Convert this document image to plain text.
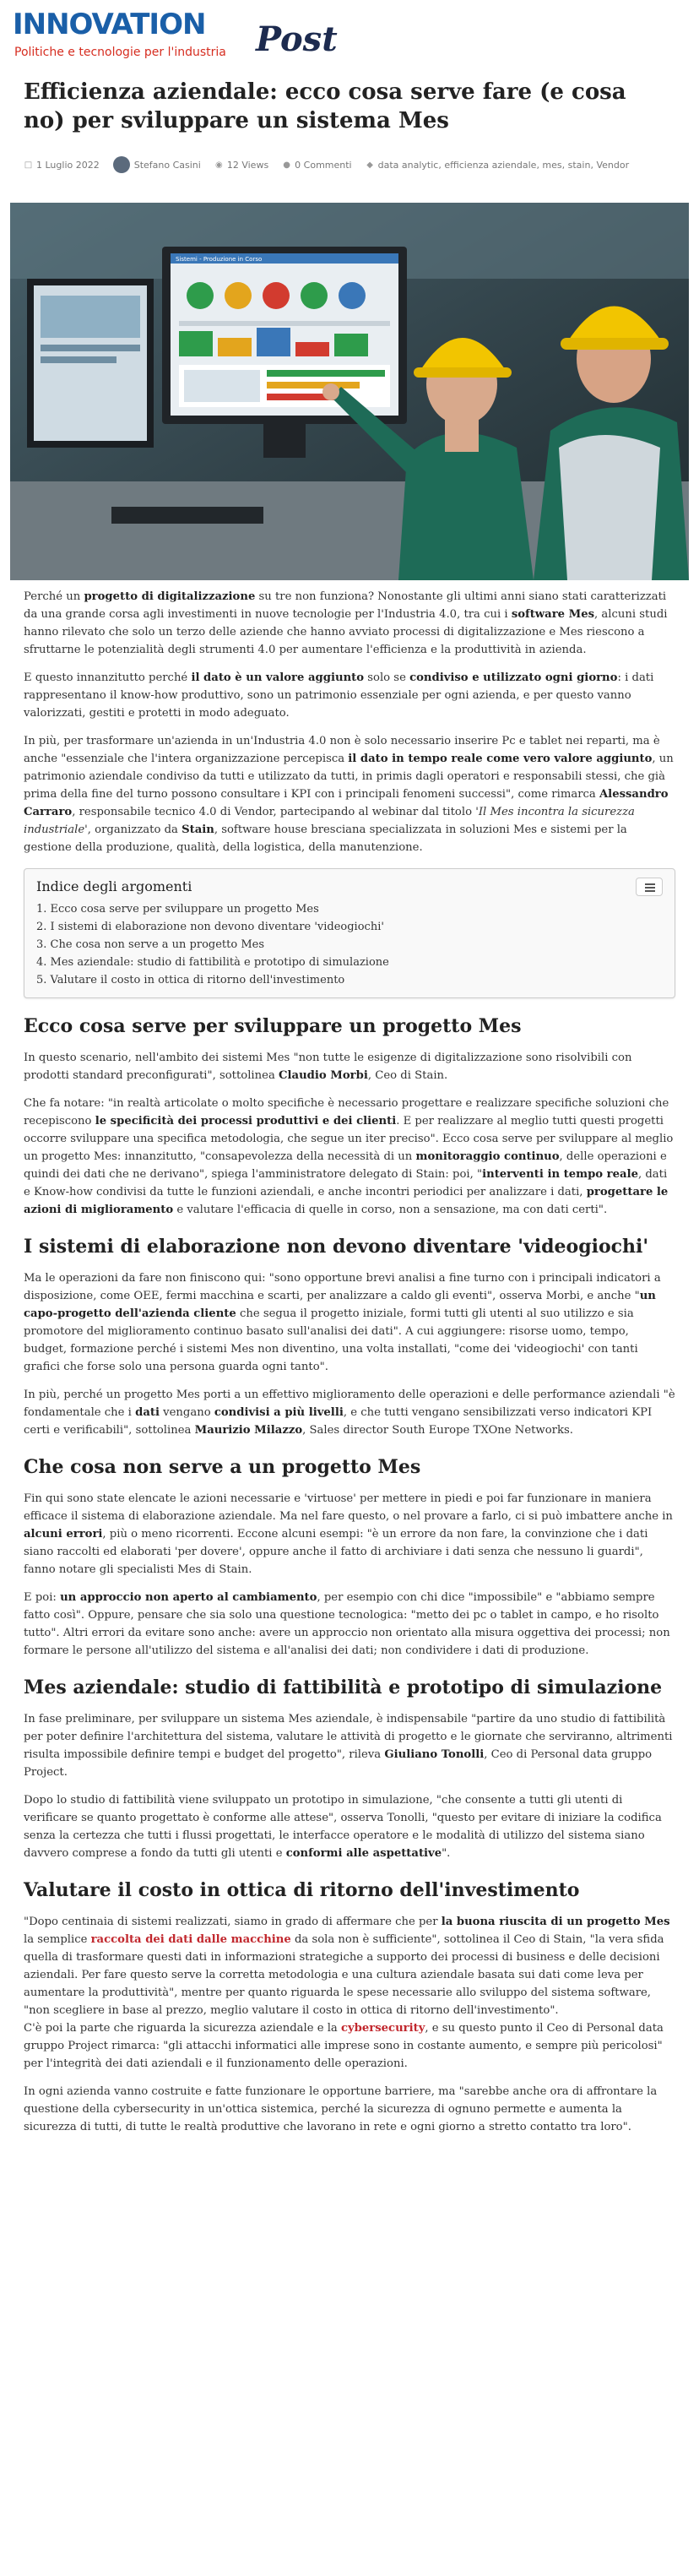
INNOVATION Post
Politiche e tecnologie per l'industria
Efficienza aziendale: ecco cosa serve fare (e cosa no) per sviluppare un sistema Mes
□ 1 Luglio 2022	Stefano Casini ◉ 12 Views ● 0 Commenti ◆ data analytic, efficienza aziendale, mes, stain, Vendor
Sistemi - Produzione in Corso

Perché un progetto di digitalizzazione su tre non funziona? Nonostante gli ultimi anni siano stati caratterizzati da una grande corsa agli investimenti in nuove tecnologie per l'Industria 4.0, tra cui i software Mes, alcuni studi hanno rilevato che solo un terzo delle aziende che hanno avviato processi di digitalizzazione e Mes riescono a sfruttarne le potenzialità degli strumenti 4.0 per aumentare l'efficienza e la produttività in azienda.

E questo innanzitutto perché il dato è un valore aggiunto solo se condiviso e utilizzato ogni giorno: i dati rappresentano il know-how produttivo, sono un patrimonio essenziale per ogni azienda, e per questo vanno valorizzati, gestiti e protetti in modo adeguato.

In più, per trasformare un'azienda in un'Industria 4.0 non è solo necessario inserire Pc e tablet nei reparti, ma è anche "essenziale che l'intera organizzazione percepisca il dato in tempo reale come vero valore aggiunto, un patrimonio aziendale condiviso da tutti e utilizzato da tutti, in primis dagli operatori e responsabili stessi, che già prima della fine del turno possono consultare i KPI con i principali fenomeni successi", come rimarca Alessandro Carraro, responsabile tecnico 4.0 di Vendor, partecipando al webinar dal titolo 'Il Mes incontra la sicurezza industriale', organizzato da Stain, software house bresciana specializzata in soluzioni Mes e sistemi per la gestione della produzione, qualità, della logistica, della manutenzione.

Indice degli argomenti
1. Ecco cosa serve per sviluppare un progetto Mes
2. I sistemi di elaborazione non devono diventare 'videogiochi'
3. Che cosa non serve a un progetto Mes
4. Mes aziendale: studio di fattibilità e prototipo di simulazione
5. Valutare il costo in ottica di ritorno dell'investimento
Ecco cosa serve per sviluppare un progetto Mes

In questo scenario, nell'ambito dei sistemi Mes "non tutte le esigenze di digitalizzazione sono risolvibili con prodotti standard preconfigurati", sottolinea Claudio Morbi, Ceo di Stain.

Che fa notare: "in realtà articolate o molto specifiche è necessario progettare e realizzare specifiche soluzioni che recepiscono le specificità dei processi produttivi e dei clienti. E per realizzare al meglio tutti questi progetti occorre sviluppare una specifica metodologia, che segue un iter preciso". Ecco cosa serve per sviluppare al meglio un progetto Mes: innanzitutto, "consapevolezza della necessità di un monitoraggio continuo, delle operazioni e quindi dei dati che ne derivano", spiega l'amministratore delegato di Stain: poi, "interventi in tempo reale, dati e Know-how condivisi da tutte le funzioni aziendali, e anche incontri periodici per analizzare i dati, progettare le azioni di miglioramento e valutare l'efficacia di quelle in corso, non a sensazione, ma con dati certi".

I sistemi di elaborazione non devono diventare 'videogiochi'

Ma le operazioni da fare non finiscono qui: "sono opportune brevi analisi a fine turno con i principali indicatori a disposizione, come OEE, fermi macchina e scarti, per analizzare a caldo gli eventi", osserva Morbi, e anche "un capo-progetto dell'azienda cliente che segua il progetto iniziale, formi tutti gli utenti al suo utilizzo e sia promotore del miglioramento continuo basato sull'analisi dei dati". A cui aggiungere: risorse uomo, tempo, budget, formazione perché i sistemi Mes non diventino, una volta installati, "come dei 'videogiochi' con tanti grafici che forse solo una persona guarda ogni tanto".

In più, perché un progetto Mes porti a un effettivo miglioramento delle operazioni e delle performance aziendali "è fondamentale che i dati vengano condivisi a più livelli, e che tutti vengano sensibilizzati verso indicatori KPI certi e verificabili", sottolinea Maurizio Milazzo, Sales director South Europe TXOne Networks.

Che cosa non serve a un progetto Mes

Fin qui sono state elencate le azioni necessarie e 'virtuose' per mettere in piedi e poi far funzionare in maniera efficace il sistema di elaborazione aziendale. Ma nel fare questo, o nel provare a farlo, ci si può imbattere anche in alcuni errori, più o meno ricorrenti. Eccone alcuni esempi: "è un errore da non fare, la convinzione che i dati siano raccolti ed elaborati 'per dovere', oppure anche il fatto di archiviare i dati senza che nessuno li guardi", fanno notare gli specialisti Mes di Stain.

E poi: un approccio non aperto al cambiamento, per esempio con chi dice "impossibile" e "abbiamo sempre fatto così". Oppure, pensare che sia solo una questione tecnologica: "metto dei pc o tablet in campo, e ho risolto tutto". Altri errori da evitare sono anche: avere un approccio non orientato alla misura oggettiva dei processi; non formare le persone all'utilizzo del sistema e all'analisi dei dati; non condividere i dati di produzione.

Mes aziendale: studio di fattibilità e prototipo di simulazione

In fase preliminare, per sviluppare un sistema Mes aziendale, è indispensabile "partire da uno studio di fattibilità per poter definire l'architettura del sistema, valutare le attività di progetto e le giornate che serviranno, altrimenti risulta impossibile definire tempi e budget del progetto", rileva Giuliano Tonolli, Ceo di Personal data gruppo Project.

Dopo lo studio di fattibilità viene sviluppato un prototipo in simulazione, "che consente a tutti gli utenti di verificare se quanto progettato è conforme alle attese", osserva Tonolli, "questo per evitare di iniziare la codifica senza la certezza che tutti i flussi progettati, le interfacce operatore e le modalità di utilizzo del sistema siano davvero comprese a fondo da tutti gli utenti e conformi alle aspettative".

Valutare il costo in ottica di ritorno dell'investimento

"Dopo centinaia di sistemi realizzati, siamo in grado di affermare che per la buona riuscita di un progetto Mes la semplice raccolta dei dati dalle macchine da sola non è sufficiente", sottolinea il Ceo di Stain, "la vera sfida quella di trasformare questi dati in informazioni strategiche a supporto dei processi di business e delle decisioni aziendali. Per fare questo serve la corretta metodologia e una cultura aziendale basata sui dati come leva per aumentare la produttività", mentre per quanto riguarda le spese necessarie allo sviluppo del sistema software, "non scegliere in base al prezzo, meglio valutare il costo in ottica di ritorno dell'investimento".

C'è poi la parte che riguarda la sicurezza aziendale e la cybersecurity, e su questo punto il Ceo di Personal data gruppo Project rimarca: "gli attacchi informatici alle imprese sono in costante aumento, e sempre più pericolosi" per l'integrità dei dati aziendali e il funzionamento delle operazioni.

In ogni azienda vanno costruite e fatte funzionare le opportune barriere, ma "sarebbe anche ora di affrontare la questione della cybersecurity in un'ottica sistemica, perché la sicurezza di ognuno permette e aumenta la sicurezza di tutti, di tutte le realtà produttive che lavorano in rete e ogni giorno a stretto contatto tra loro".
